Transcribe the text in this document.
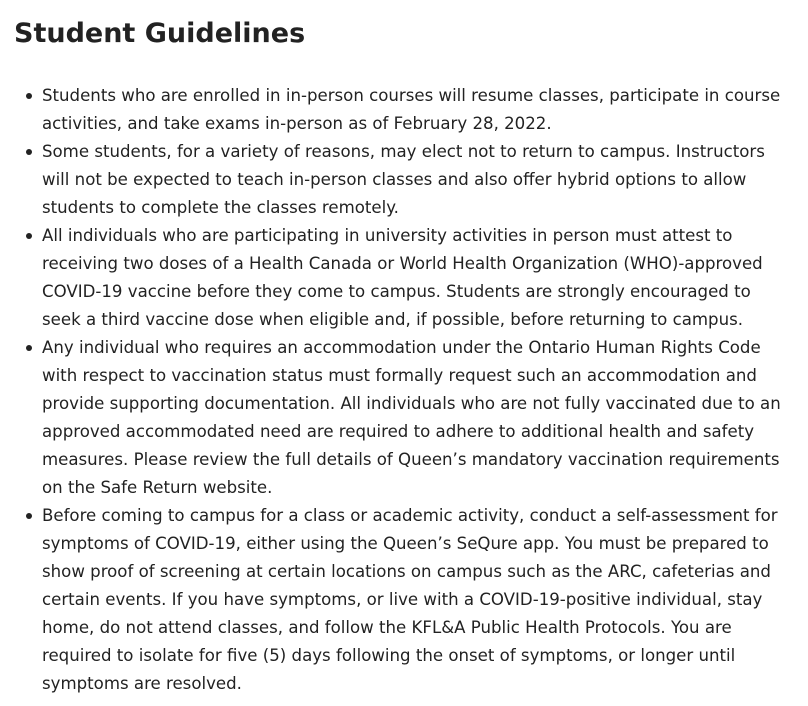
Student Guidelines
Students who are enrolled in in-person courses will resume classes, participate in course activities, and take exams in-person as of February 28, 2022.
Some students, for a variety of reasons, may elect not to return to campus. Instructors will not be expected to teach in-person classes and also offer hybrid options to allow students to complete the classes remotely.
All individuals who are participating in university activities in person must attest to receiving two doses of a Health Canada or World Health Organization (WHO)-approved COVID-19 vaccine before they come to campus. Students are strongly encouraged to seek a third vaccine dose when eligible and, if possible, before returning to campus.
Any individual who requires an accommodation under the Ontario Human Rights Code with respect to vaccination status must formally request such an accommodation and provide supporting documentation. All individuals who are not fully vaccinated due to an approved accommodated need are required to adhere to additional health and safety measures. Please review the full details of Queen’s mandatory vaccination requirements on the Safe Return website.
Before coming to campus for a class or academic activity, conduct a self-assessment for symptoms of COVID-19, either using the Queen’s SeQure app. You must be prepared to show proof of screening at certain locations on campus such as the ARC, cafeterias and certain events. If you have symptoms, or live with a COVID-19-positive individual, stay home, do not attend classes, and follow the KFL&A Public Health Protocols. You are required to isolate for five (5) days following the onset of symptoms, or longer until symptoms are resolved.
